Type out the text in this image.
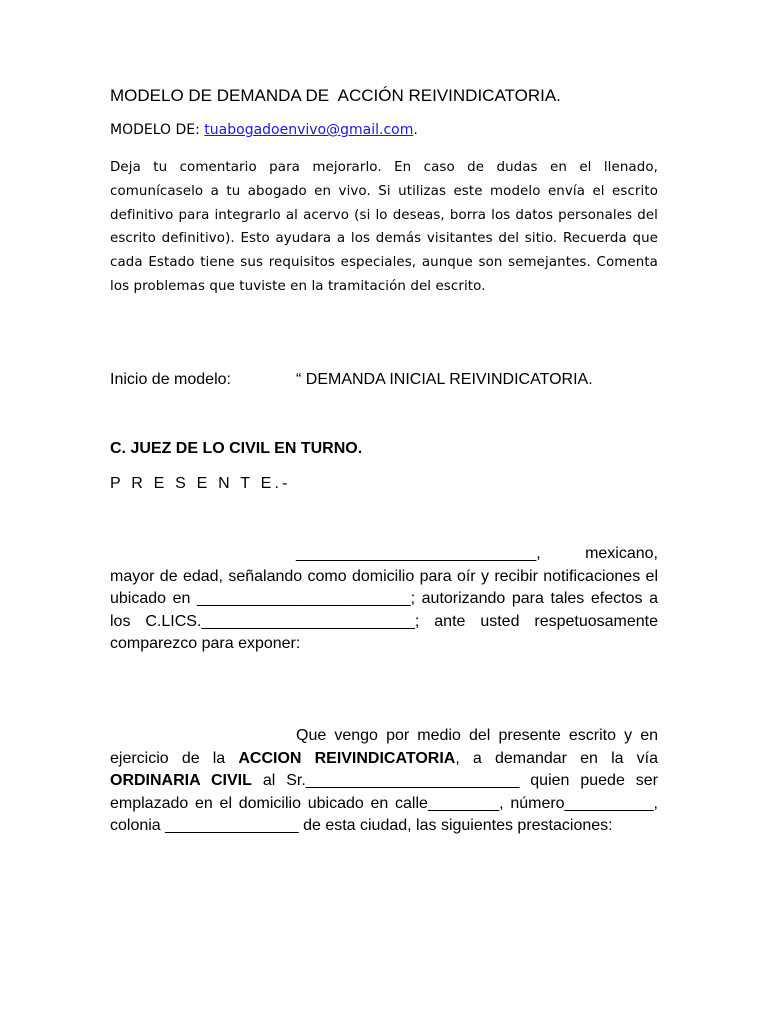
MODELO DE DEMANDA DE  ACCIÓN REIVINDICATORIA.
MODELO DE: tuabogadoenvivo@gmail.com.
Deja tu comentario para mejorarlo. En caso de dudas en el llenado, comunícaselo a tu abogado en vivo. Si utilizas este modelo envía el escrito definitivo para integrarlo al acervo (si lo deseas, borra los datos personales del escrito definitivo). Esto ayudara a los demás visitantes del sitio. Recuerda que cada Estado tiene sus requisitos especiales, aunque son semejantes. Comenta los problemas que tuviste en la tramitación del escrito.
Inicio de modelo:	“ DEMANDA INICIAL REIVINDICATORIA.
C. JUEZ DE LO CIVIL EN TURNO.
P R E S E N T E.-
___________________________, mexicano, mayor de edad, señalando como domicilio para oír y recibir notificaciones el ubicado en ________________________; autorizando para tales efectos a los C.LICS.________________________; ante usted respetuosamente comparezco para exponer:
Que vengo por medio del presente escrito y en ejercicio de la ACCION REIVINDICATORIA, a demandar en la vía ORDINARIA CIVIL al Sr.________________________ quien puede ser emplazado en el domicilio ubicado en calle________, número__________, colonia _______________ de esta ciudad, las siguientes prestaciones:
